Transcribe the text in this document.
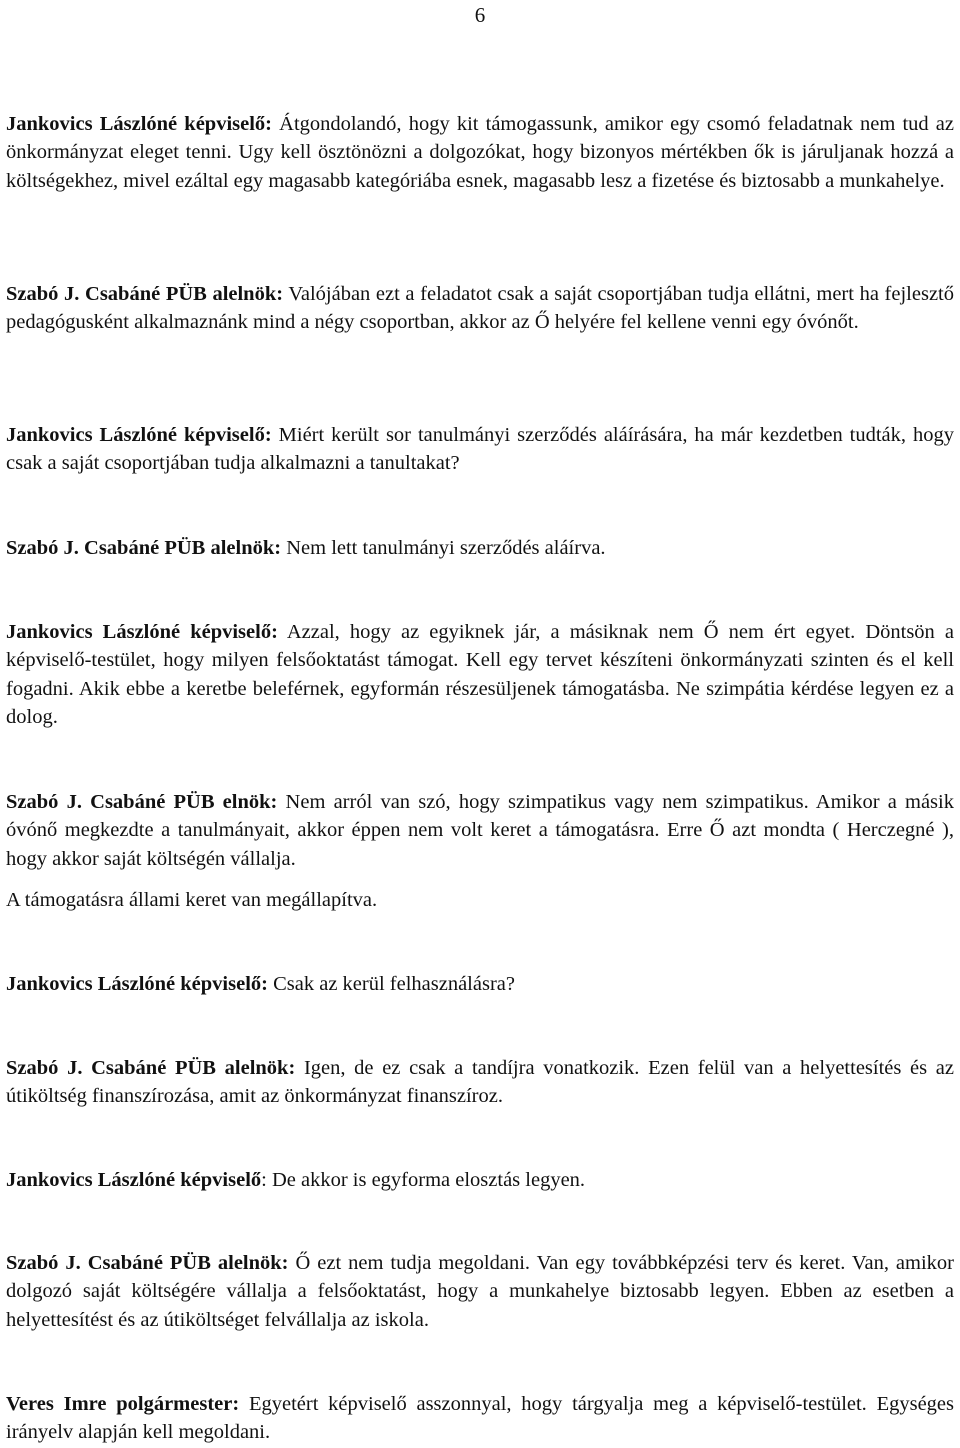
6

Jankovics Lászlóné képviselő: Átgondolandó, hogy kit támogassunk, amikor egy csomó feladatnak nem tud az önkormányzat eleget tenni. Ugy kell ösztönözni a dolgozókat, hogy bizonyos mértékben ők is járuljanak hozzá a költségekhez, mivel ezáltal egy magasabb kategóriába esnek, magasabb lesz a fizetése és biztosabb a munkahelye.

Szabó J. Csabáné PÜB alelnök: Valójában ezt a feladatot csak a saját csoportjában tudja ellátni, mert ha fejlesztő pedagógusként alkalmaznánk mind a négy csoportban, akkor az Ő helyére fel kellene venni egy óvónőt.

Jankovics Lászlóné képviselő: Miért került sor tanulmányi szerződés aláírására, ha már kezdetben tudták, hogy csak a saját csoportjában tudja alkalmazni a tanultakat?

Szabó J. Csabáné PÜB alelnök: Nem lett tanulmányi szerződés aláírva.

Jankovics Lászlóné képviselő: Azzal, hogy az egyiknek jár, a másiknak nem Ő nem ért egyet. Döntsön a képviselő-testület, hogy milyen felsőoktatást támogat. Kell egy tervet készíteni önkormányzati szinten és el kell fogadni. Akik ebbe a keretbe beleférnek, egyformán részesüljenek támogatásba. Ne szimpátia kérdése legyen ez a dolog.

Szabó J. Csabáné PÜB elnök: Nem arról van szó, hogy szimpatikus vagy nem szimpatikus. Amikor a másik óvónő megkezdte a tanulmányait, akkor éppen nem volt keret a támogatásra. Erre Ő azt mondta ( Herczegné ), hogy akkor saját költségén vállalja.

A támogatásra állami keret van megállapítva.

Jankovics Lászlóné képviselő: Csak az kerül felhasználásra?

Szabó J. Csabáné PÜB alelnök: Igen, de ez csak a tandíjra vonatkozik. Ezen felül van a helyettesítés és az útiköltség finanszírozása, amit az önkormányzat finanszíroz.

Jankovics Lászlóné képviselő: De akkor is egyforma elosztás legyen.

Szabó J. Csabáné PÜB alelnök: Ő ezt nem tudja megoldani. Van egy továbbképzési terv és keret. Van, amikor dolgozó saját költségére vállalja a felsőoktatást, hogy a munkahelye biztosabb legyen. Ebben az esetben a helyettesítést és az útiköltséget felvállalja az iskola.

Veres Imre polgármester: Egyetért képviselő asszonnyal, hogy tárgyalja meg a képviselő-testület. Egységes irányelv alapján kell megoldani.
